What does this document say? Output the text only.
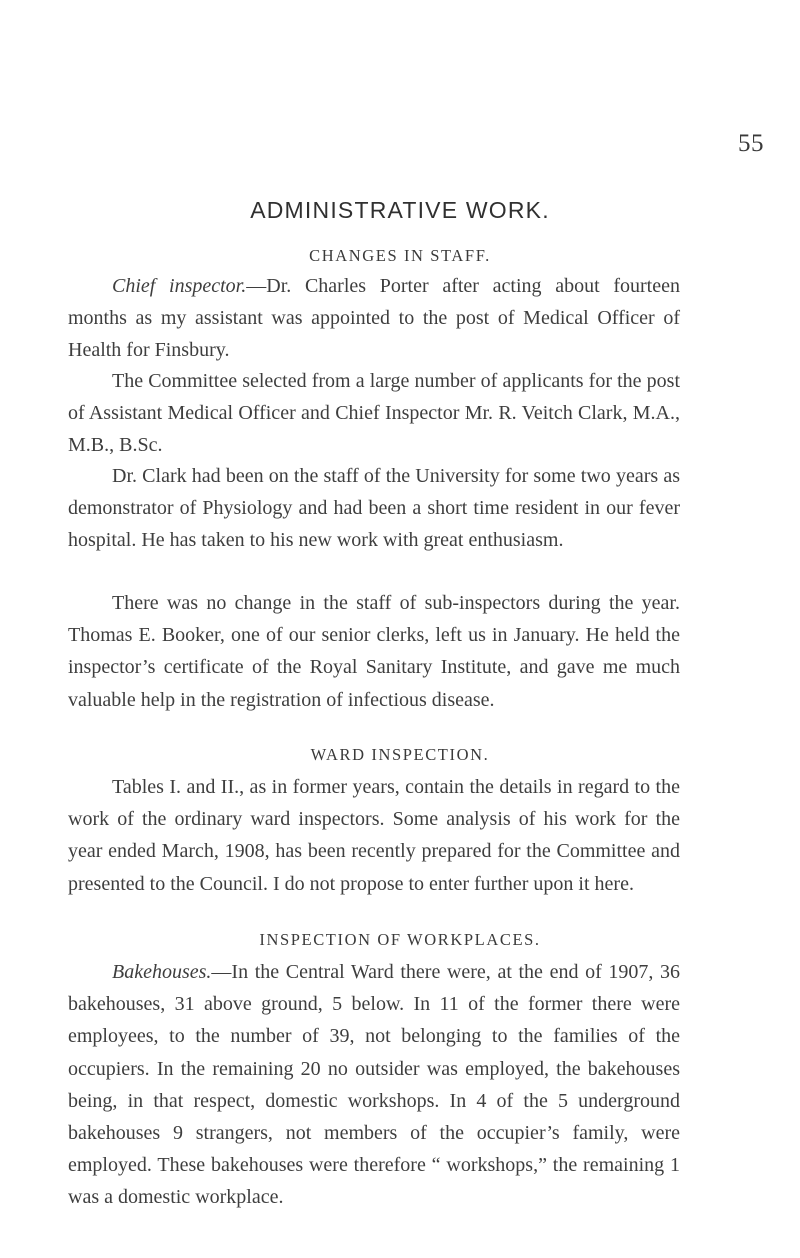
55
ADMINISTRATIVE WORK.
CHANGES IN STAFF.

Chief inspector.—Dr. Charles Porter after acting about fourteen months as my assistant was appointed to the post of Medical Officer of Health for Finsbury.

The Committee selected from a large number of applicants for the post of Assistant Medical Officer and Chief Inspector Mr. R. Veitch Clark, M.A., M.B., B.Sc.

Dr. Clark had been on the staff of the University for some two years as demonstrator of Physiology and had been a short time resident in our fever hospital. He has taken to his new work with great enthusiasm.

There was no change in the staff of sub-inspectors during the year. Thomas E. Booker, one of our senior clerks, left us in January. He held the inspector’s certificate of the Royal Sanitary Institute, and gave me much valuable help in the registration of infectious disease.

WARD INSPECTION.

Tables I. and II., as in former years, contain the details in regard to the work of the ordinary ward inspectors. Some analysis of his work for the year ended March, 1908, has been recently prepared for the Committee and presented to the Council. I do not propose to enter further upon it here.

INSPECTION OF WORKPLACES.

Bakehouses.—In the Central Ward there were, at the end of 1907, 36 bakehouses, 31 above ground, 5 below. In 11 of the former there were employees, to the number of 39, not belonging to the families of the occupiers. In the remaining 20 no outsider was employed, the bakehouses being, in that respect, domestic workshops. In 4 of the 5 underground bakehouses 9 strangers, not members of the occupier’s family, were employed. These bakehouses were therefore “ workshops,” the remaining 1 was a domestic workplace.
